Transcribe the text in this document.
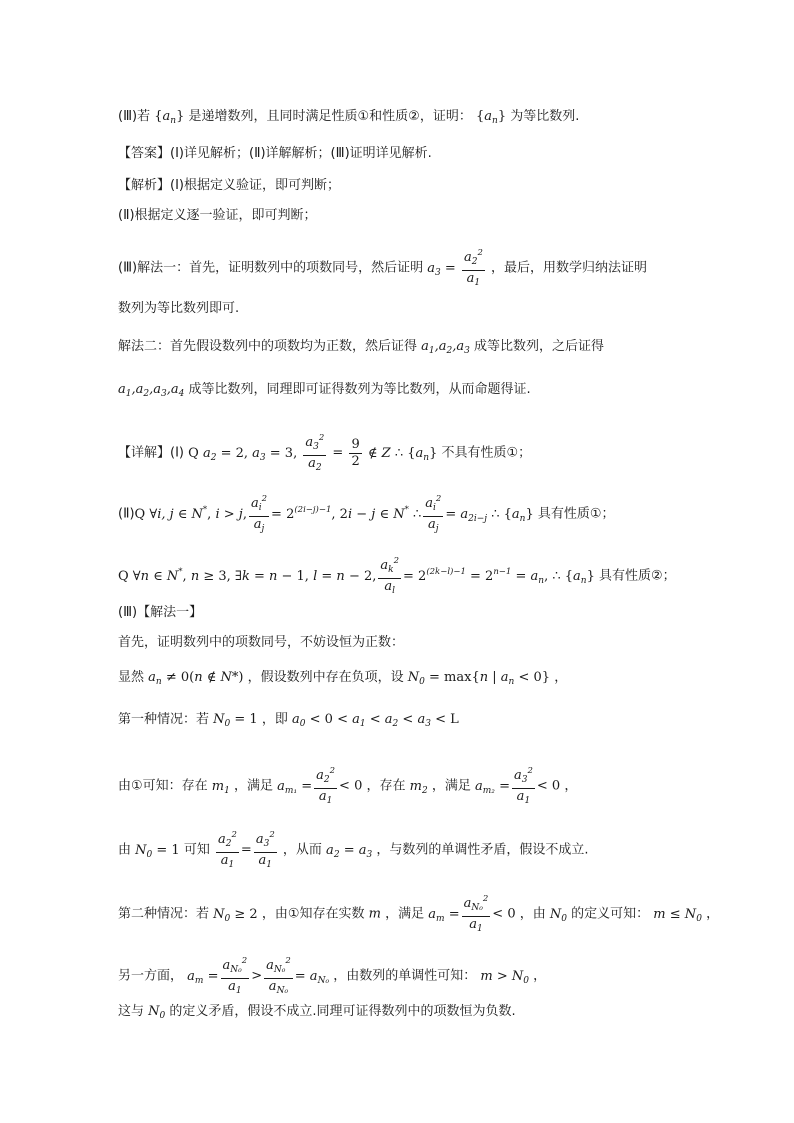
(Ⅲ)若 $\{a_n\}$ 是递增数列，且同时满足性质①和性质②，证明： $\{a_n\}$ 为等比数列.
【答案】(Ⅰ)详见解析；(Ⅱ)详解解析；(Ⅲ)证明详见解析.
【解析】(Ⅰ)根据定义验证，即可判断；
(Ⅱ)根据定义逐一验证，即可判断；
(Ⅲ)解法一：首先，证明数列中的项数同号，然后证明 $a_3 = \frac{a_2^2}{a_1}$ ，最后，用数学归纳法证明
数列为等比数列即可.
解法二：首先假设数列中的项数均为正数，然后证得 $a_1,a_2,a_3$ 成等比数列，之后证得
$a_1,a_2,a_3,a_4$ 成等比数列，同理即可证得数列为等比数列，从而命题得证.
【详解】(Ⅰ) Q $a_2 = 2$, $a_3 = 3$, $\frac{a_3^2}{a_2} = \frac{9}{2}$ ∉ Z ∴ $\{a_n\}$ 不具有性质①；
(Ⅱ)Q ∀i, j ∈ N*, i > j, $\frac{a_i^2}{a_j} = 2^{(2i-j)-1}$, 2i − j ∈ N* ∴ $\frac{a_i^2}{a_j} = a_{2i-j}$ ∴ $\{a_n\}$ 具有性质①；
Q ∀n ∈ N*, n ≥ 3, ∃k = n − 1, l = n − 2, $\frac{a_k^2}{a_l} = 2^{(2k-l)-1} = 2^{n-1} = a_n$, ∴ $\{a_n\}$ 具有性质②；
(Ⅲ)【解法一】
首先，证明数列中的项数同号，不妨设恒为正数：
显然 $a_n \ne 0(n$ ∉ N*) ，假设数列中存在负项，设 $N_0 = \max\{n$ | $a_n < 0$} ，
第一种情况：若 $N_0 = 1$ ，即 $a_0 < 0 < a_1 < a_2 < a_3 < L$
由①可知：存在 $m_1$ ，满足 $a_{m_1} = \frac{a_2^2}{a_1} < 0$ ，存在 $m_2$ ，满足 $a_{m_2} = \frac{a_3^2}{a_1} < 0$ ，
由 $N_0 = 1$ 可知 $\frac{a_2^2}{a_1} = \frac{a_3^2}{a_1}$ ，从而 $a_2 = a_3$ ，与数列的单调性矛盾，假设不成立.
第二种情况：若 $N_0 \ge 2$ ，由①知存在实数 m ，满足 $a_m = \frac{a_{N_0}^2}{a_1} < 0$ ，由 $N_0$ 的定义可知： $m \le N_0$ ，
另一方面， $a_m = \frac{a_{N_0}^2}{a_1} > \frac{a_{N_0}^2}{a_{N_0}} = a_{N_0}$ ，由数列的单调性可知： $m > N_0$ ，
这与 $N_0$ 的定义矛盾，假设不成立.同理可证得数列中的项数恒为负数.
